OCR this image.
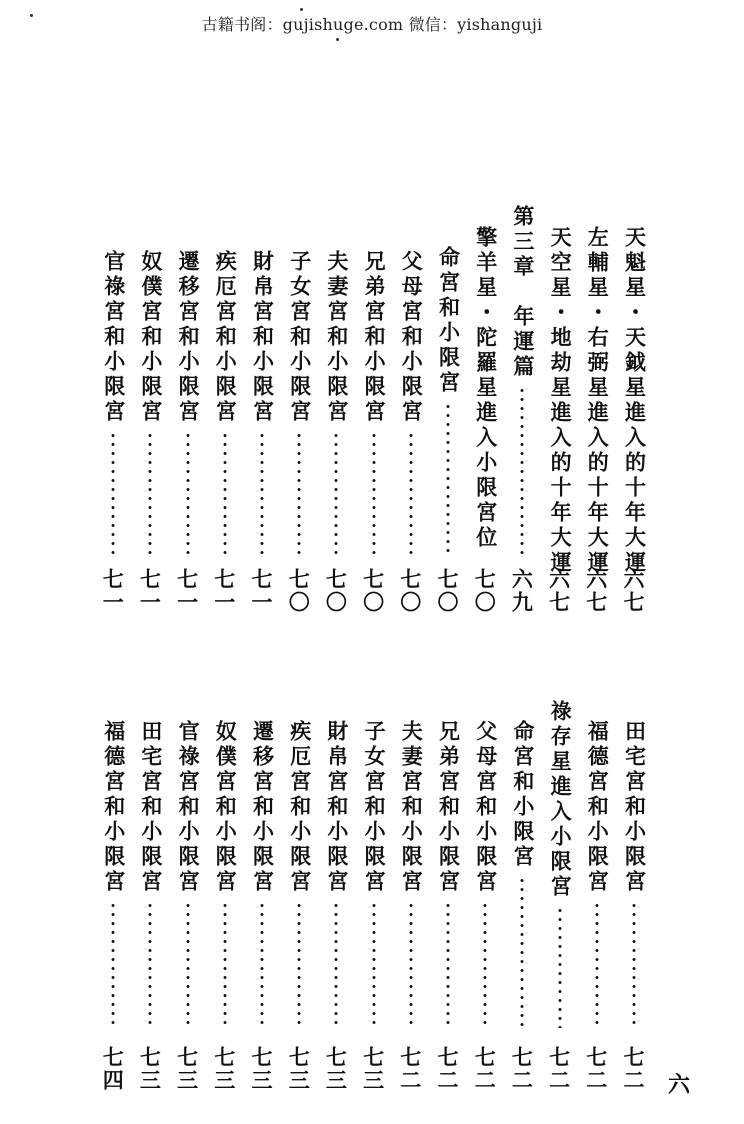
古籍书阁：gujishuge.com 微信：yishanguji
天魁星・天鉞星進入的十年大運
六七
左輔星・右弼星進入的十年大運
六七
天空星・地劫星進入的十年大運
六七
第三章　年運篇
六九
擎羊星・陀羅星進入小限宮位
七〇
命宮和小限宮
七〇
父母宮和小限宮
七〇
兄弟宮和小限宮
七〇
夫妻宮和小限宮
七〇
子女宮和小限宮
七〇
財帛宮和小限宮
七一
疾厄宮和小限宮
七一
遷移宮和小限宮
七一
奴僕宮和小限宮
七一
官祿宮和小限宮
七一
田宅宮和小限宮
七二
福德宮和小限宮
七二
祿存星進入小限宮
七二
命宮和小限宮
七二
父母宮和小限宮
七二
兄弟宮和小限宮
七二
夫妻宮和小限宮
七二
子女宮和小限宮
七三
財帛宮和小限宮
七三
疾厄宮和小限宮
七三
遷移宮和小限宮
七三
奴僕宮和小限宮
七三
官祿宮和小限宮
七三
田宅宮和小限宮
七三
福德宮和小限宮
七四	六
